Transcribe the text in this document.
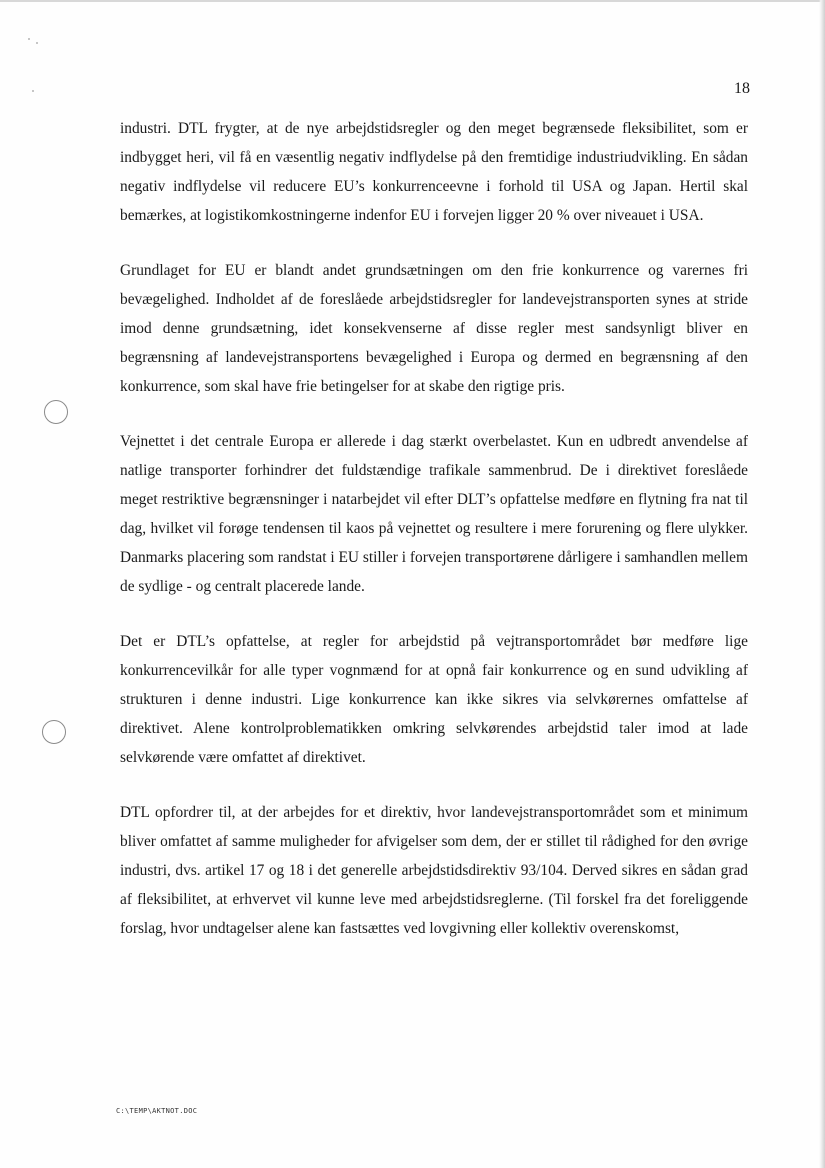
18

industri. DTL frygter, at de nye arbejdstidsregler og den meget begrænsede fleksibilitet, som er indbygget heri, vil få en væsentlig negativ indflydelse på den fremtidige industriudvikling. En sådan negativ indflydelse vil reducere EU’s konkurrenceevne i forhold til USA og Japan. Hertil skal bemærkes, at logistikomkostningerne indenfor EU i forvejen ligger 20 % over niveauet i USA.

Grundlaget for EU er blandt andet grundsætningen om den frie konkurrence og varernes fri bevægelighed. Indholdet af de foreslåede arbejdstidsregler for landevejstransporten synes at stride imod denne grundsætning, idet konsekvenserne af disse regler mest sandsynligt bliver en begrænsning af landevejstransportens bevægelighed i Europa og dermed en begrænsning af den konkurrence, som skal have frie betingelser for at skabe den rigtige pris.

Vejnettet i det centrale Europa er allerede i dag stærkt overbelastet. Kun en udbredt anvendelse af natlige transporter forhindrer det fuldstændige trafikale sammenbrud. De i direktivet foreslåede meget restriktive begrænsninger i natarbejdet vil efter DLT’s opfattelse medføre en flytning fra nat til dag, hvilket vil forøge tendensen til kaos på vejnettet og resultere i mere forurening og flere ulykker. Danmarks placering som randstat i EU stiller i forvejen transportørene dårligere i samhandlen mellem de sydlige - og centralt placerede lande.

Det er DTL’s opfattelse, at regler for arbejdstid på vejtransportområdet bør medføre lige konkurrencevilkår for alle typer vognmænd for at opnå fair konkurrence og en sund udvikling af strukturen i denne industri. Lige konkurrence kan ikke sikres via selvkørernes omfattelse af direktivet. Alene kontrolproblematikken omkring selvkørendes arbejdstid taler imod at lade selvkørende være omfattet af direktivet.

DTL opfordrer til, at der arbejdes for et direktiv, hvor landevejstransportområdet som et minimum bliver omfattet af samme muligheder for afvigelser som dem, der er stillet til rådighed for den øvrige industri, dvs. artikel 17 og 18 i det generelle arbejdstidsdirektiv 93/104. Derved sikres en sådan grad af fleksibilitet, at erhvervet vil kunne leve med arbejdstidsreglerne. (Til forskel fra det foreliggende forslag, hvor undtagelser alene kan fastsættes ved lovgivning eller kollektiv overenskomst,

C:\TEMP\AKTNOT.DOC
